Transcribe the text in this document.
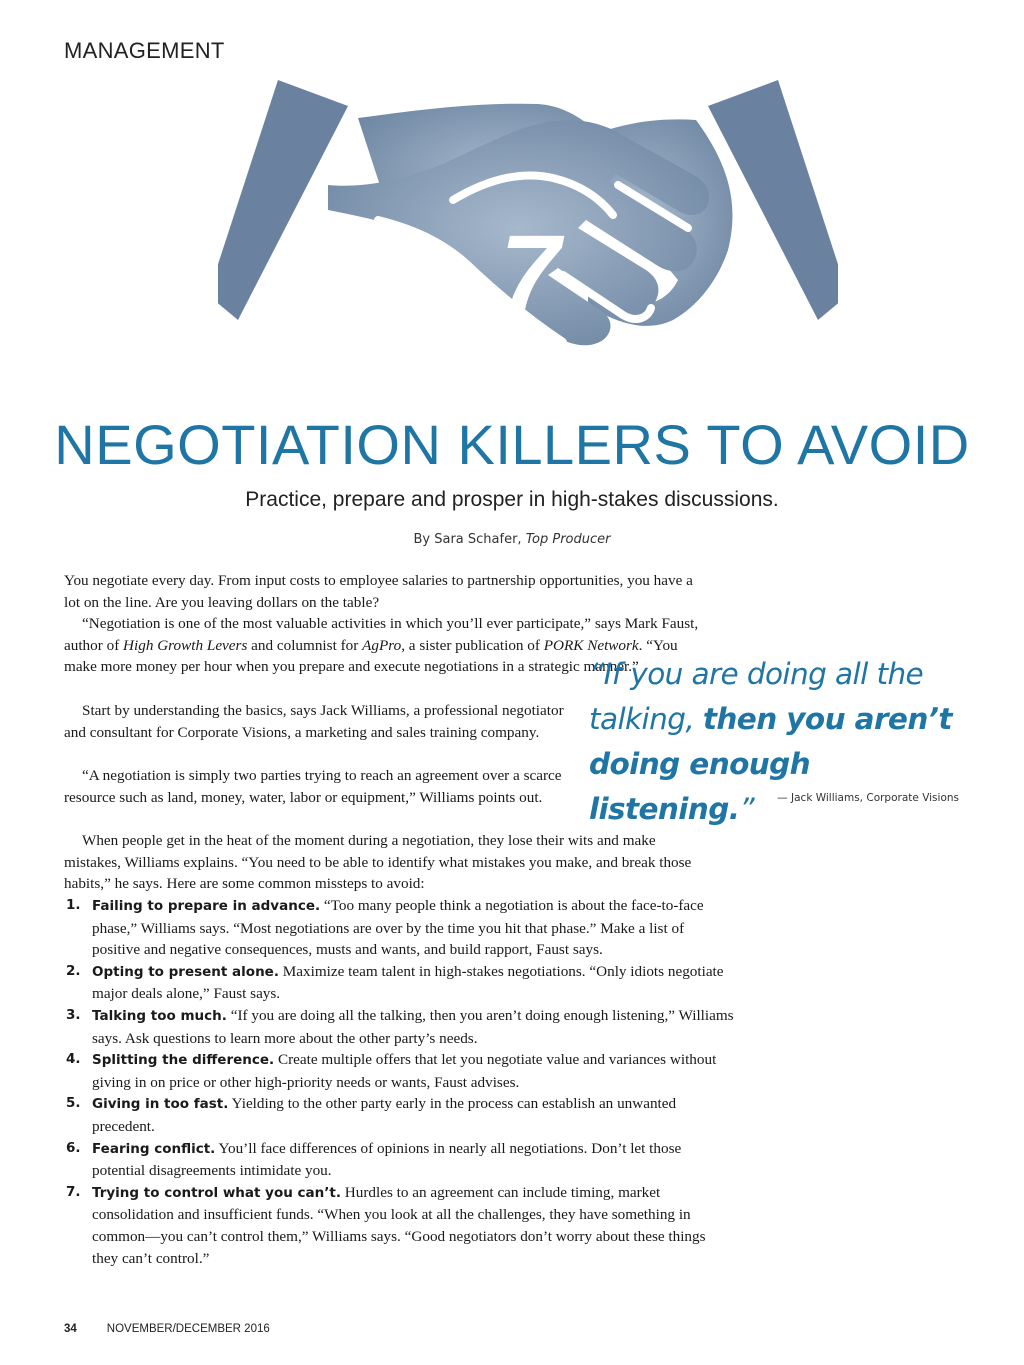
MANAGEMENT
7
NEGOTIATION KILLERS TO AVOID
Practice, prepare and prosper in high-stakes discussions.
By Sara Schafer, Top Producer

You negotiate every day. From input costs to employee salaries to partnership opportunities, you have a lot on the line. Are you leaving dollars on the table?

“Negotiation is one of the most valuable activities in which you’ll ever participate,” says Mark Faust, author of High Growth Levers and columnist for AgPro, a sister publication of PORK Network. “You make more money per hour when you prepare and execute negotiations in a strategic manner.”

Start by understanding the basics, says Jack Williams, a professional negotiator and consultant for Corporate Visions, a marketing and sales training company.

“A negotiation is simply two parties trying to reach an agreement over a scarce resource such as land, money, water, labor or equipment,” Williams points out.

When people get in the heat of the moment during a negotiation, they lose their wits and make mistakes, Williams explains. “You need to be able to identify what mistakes you make, and break those habits,” he says. Here are some common missteps to avoid:

“If you are doing all the talking, then you aren’t doing enough listening.”	— Jack Williams, Corporate Visions
1. Failing to prepare in advance. “Too many people think a negotiation is about the face-to-face phase,” Williams says. “Most negotiations are over by the time you hit that phase.” Make a list of positive and negative consequences, musts and wants, and build rapport, Faust says.
2. Opting to present alone. Maximize team talent in high-stakes negotiations. “Only idiots negotiate major deals alone,” Faust says.
3. Talking too much. “If you are doing all the talking, then you aren’t doing enough listening,” Williams says. Ask questions to learn more about the other party’s needs.
4. Splitting the difference. Create multiple offers that let you negotiate value and variances without giving in on price or other high-priority needs or wants, Faust advises.
5. Giving in too fast. Yielding to the other party early in the process can establish an unwanted precedent.
6. Fearing conflict. You’ll face differences of opinions in nearly all negotiations. Don’t let those potential disagreements intimidate you.
7. Trying to control what you can’t. Hurdles to an agreement can include timing, market consolidation and insufficient funds. “When you look at all the challenges, they have something in common—you can’t control them,” Williams says. “Good negotiators don’t worry about these things they can’t control.”
34	NOVEMBER/DECEMBER 2016
